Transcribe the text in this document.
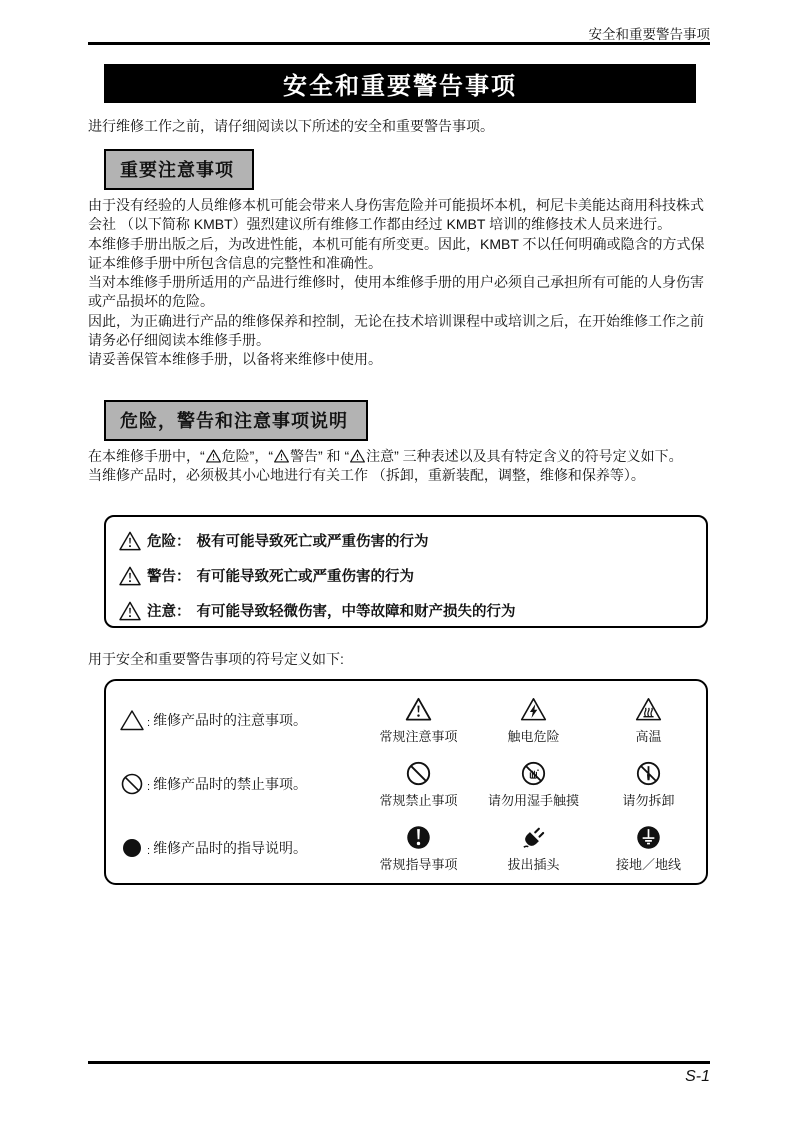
安全和重要警告事项
安全和重要警告事项

进行维修工作之前，请仔细阅读以下所述的安全和重要警告事项。

重要注意事项

由于没有经验的人员维修本机可能会带来人身伤害危险并可能损坏本机，柯尼卡美能达商用科技株式会社 （以下简称 KMBT）强烈建议所有维修工作都由经过 KMBT 培训的维修技术人员来进行。

本维修手册出版之后，为改进性能，本机可能有所变更。因此，KMBT 不以任何明确或隐含的方式保证本维修手册中所包含信息的完整性和准确性。

当对本维修手册所适用的产品进行维修时，使用本维修手册的用户必须自己承担所有可能的人身伤害或产品损坏的危险。

因此，为正确进行产品的维修保养和控制，无论在技术培训课程中或培训之后，在开始维修工作之前请务必仔细阅读本维修手册。

请妥善保管本维修手册，以备将来维修中使用。

危险，警告和注意事项说明

在本维修手册中，“ 危险”，“ 警告” 和 “ 注意” 三种表述以及具有特定含义的符号定义如下。

当维修产品时，必须极其小心地进行有关工作 （拆卸，重新装配，调整，维修和保养等）。

危险： 极有可能导致死亡或严重伤害的行为
警告： 有可能导致死亡或严重伤害的行为
注意： 有可能导致轻微伤害，中等故障和财产损失的行为

用于安全和重要警告事项的符号定义如下:

: 维修产品时的注意事项。
常规注意事项	触电危险	高温
: 维修产品时的禁止事项。
常规禁止事项 请勿用湿手触摸	请勿拆卸
: 维修产品时的指导说明。
常规指导事项	拔出插头	接地／地线
S-1
